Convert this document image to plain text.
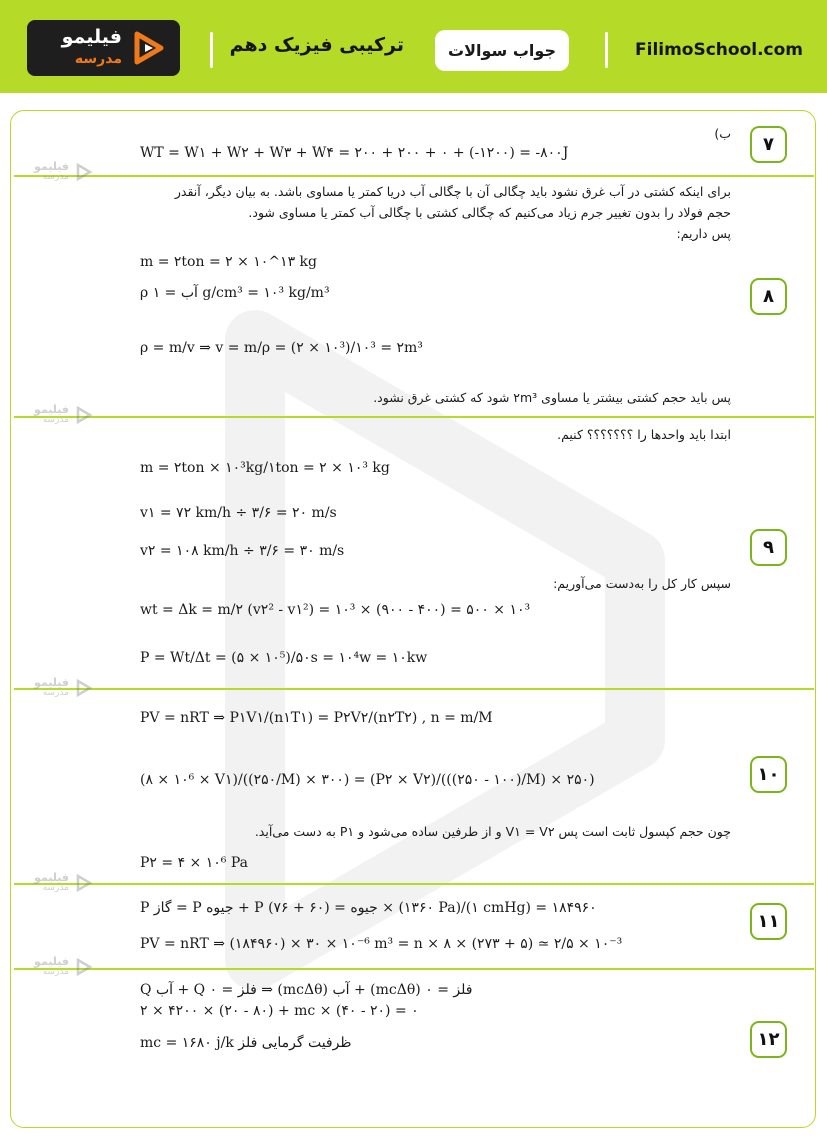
فیلیمو
مدرسه
ترکیبی فیزیک دهم	جواب سوالات	FilimoSchool.com
فیلیمو
مدرسه
فیلیمو
مدرسه
فیلیمو
مدرسه
فیلیمو
مدرسه
فیلیمو
مدرسه
۷
۸
۹
۱۰
۱۱
۱۲
ب)
WT = W۱ + W۲ + W۳ + W۴ = ۲۰۰ + ۲۰۰ + ۰ + (-۱۲۰۰) = -۸۰۰J
برای اینکه کشتی در آب غرق نشود باید چگالی آن با چگالی آب دریا کمتر یا مساوی باشد. به بیان دیگر، آنقدر
حجم فولاد را بدون تغییر جرم زیاد می‌کنیم که چگالی کشتی با چگالی آب کمتر یا مساوی شود.
پس داریم:
m = ۲ton = ۲ × ۱۰^۱۳ kg
ρ آب = ۱ g/cm³ = ۱۰³ kg/m³
ρ = m/v ⇒ v = m/ρ = (۲ × ۱۰³)/۱۰³ = ۲m³
پس باید حجم کشتی بیشتر یا مساوی ۲m³ شود که کشتی غرق نشود.
ابتدا باید واحدها را ؟؟؟؟؟؟؟ کنیم.
m = ۲ton × ۱۰³kg/۱ton = ۲ × ۱۰³ kg
v۱ = ۷۲ km/h ÷ ۳/۶ = ۲۰ m/s
v۲ = ۱۰۸ km/h ÷ ۳/۶ = ۳۰ m/s
سپس کار کل را به‌دست می‌آوریم:
wt = Δk = m/۲ (v۲² - v۱²) = ۱۰³ × (۹۰۰ - ۴۰۰) = ۵۰۰ × ۱۰³
P = Wt/Δt = (۵ × ۱۰⁵)/۵۰s = ۱۰⁴w = ۱۰kw
PV = nRT ⇒ P۱V۱/(n۱T۱) = P۲V۲/(n۲T۲) , n = m/M
(۸ × ۱۰⁶ × V۱)/((۲۵۰/M) × ۳۰۰) = (P۲ × V۲)/(((۲۵۰ - ۱۰۰)/M) × ۲۵۰)
چون حجم کپسول ثابت است پس V۱ = V۲ و از طرفین ساده می‌شود و P۱ به دست می‌آید.
P۲ = ۴ × ۱۰⁶ Pa
P گاز = P جیوه + P جیوه = (۶۰ + ۷۶) × (۱۳۶۰ Pa)/(۱ cmHg) = ۱۸۴۹۶۰
PV = nRT ⇒ (۱۸۴۹۶۰) × ۳۰ × ۱۰⁻⁶ m³ = n × ۸ × (۲۷۳ + ۵) ≃ ۲/۵ × ۱۰⁻³
Q آب + Q فلز = ۰ ⇒ (mcΔθ) آب + (mcΔθ) فلز = ۰
۲ × ۴۲۰۰ × (۲۰ - ۸۰) + mc × (۴۰ - ۲۰) = ۰
mc = ۱۶۸۰ j/k ظرفیت گرمایی فلز
